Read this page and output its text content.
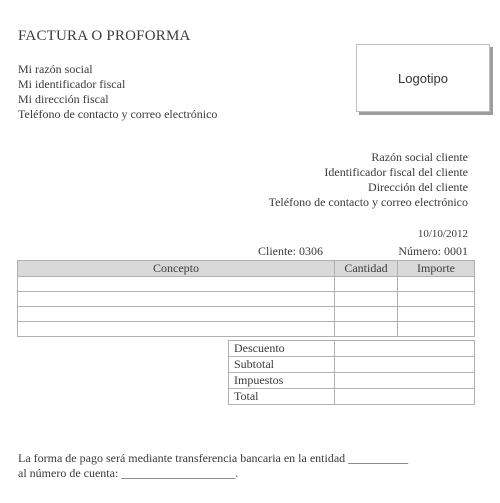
FACTURA O PROFORMA
Mi razón social
Mi identificador fiscal
Mi dirección fiscal
Teléfono de contacto y correo electrónico
Logotipo
Razón social cliente
Identificador fiscal del cliente
Dirección del cliente
Teléfono de contacto y correo electrónico
10/10/2012
Cliente: 0306	Número: 0001
Concepto	Cantidad	Importe

Descuento	
Subtotal	
Impuestos	
Total	
La forma de pago será mediante transferencia bancaria en la entidad __________
al número de cuenta: ___________________.
